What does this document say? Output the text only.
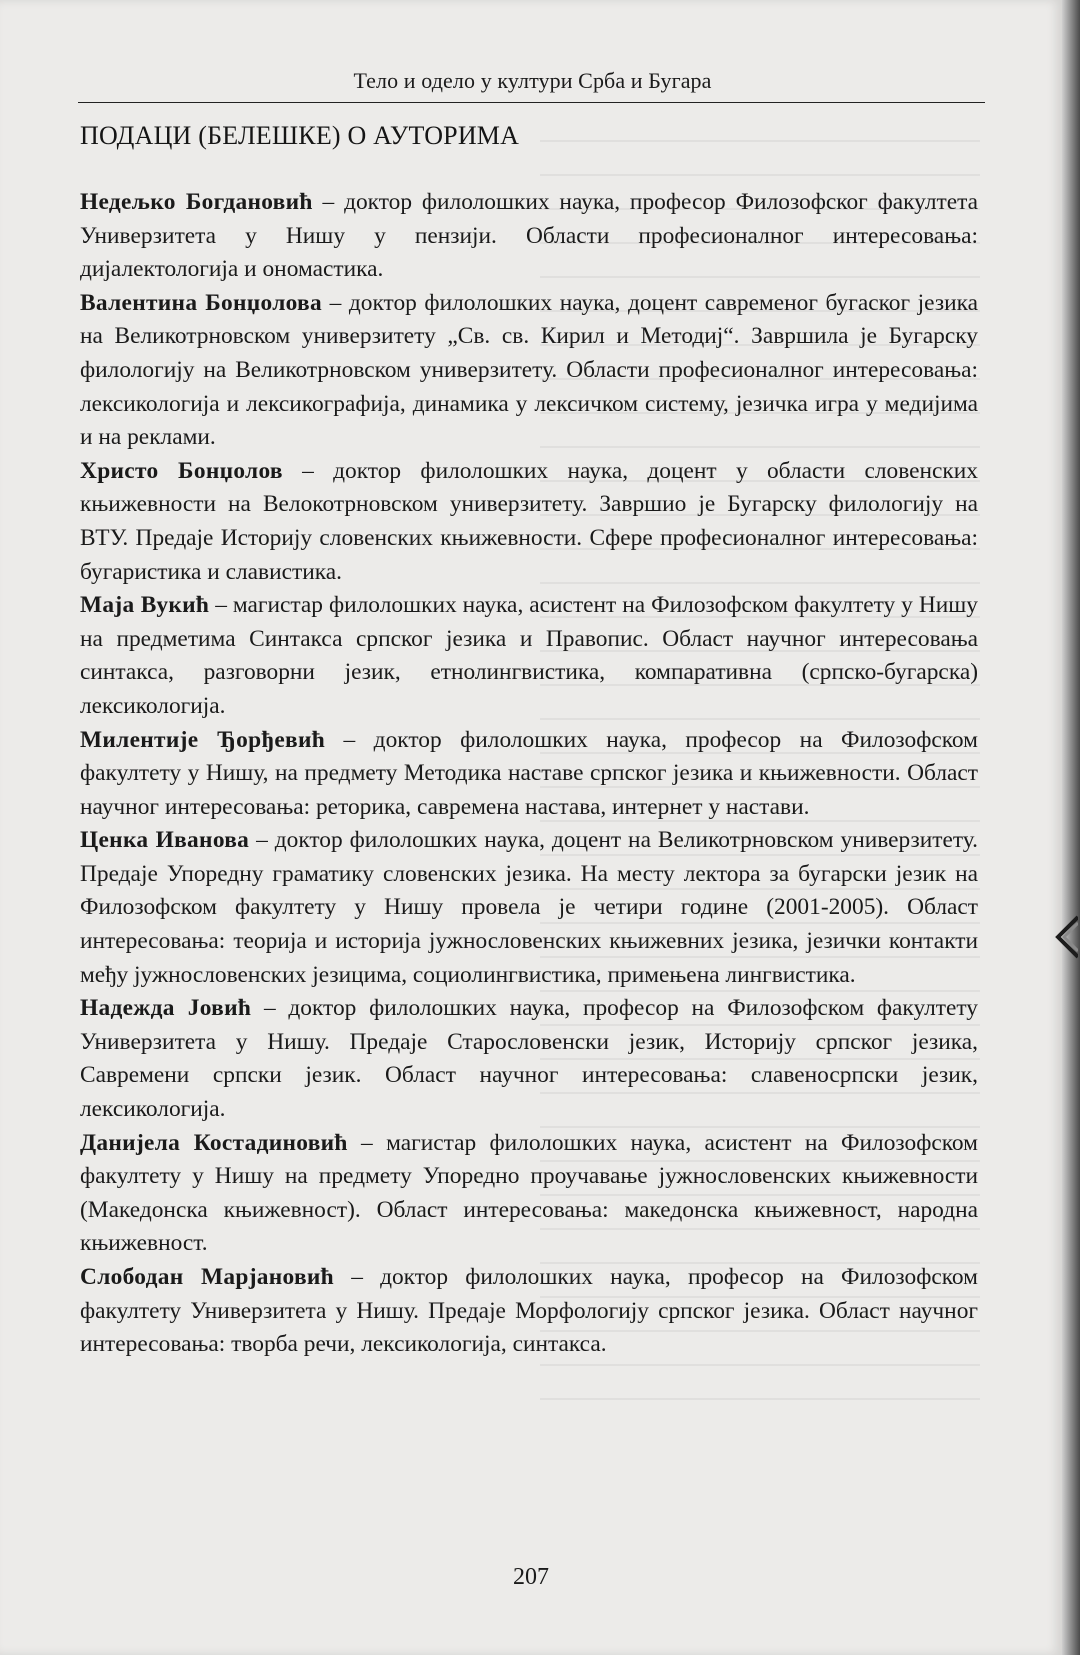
Тело и одело у култури Срба и Бугара
ПОДАЦИ (БЕЛЕШКЕ) О АУТОРИМА

Недељко Богдановић – доктор филолошких наука, професор Филозофског факултета Универзитета у Нишу у пензији. Области професионалног интересовања: дијалектологија и ономастика.

Валентина Бонџолова – доктор филолошких наука, доцент савременог бугаског језика на Великотрновском универзитету „Св. св. Кирил и Методиј“. Завршила је Бугарску филологију на Великотрновском универзитету. Области професионалног интересовања: лексикологија и лексикографија, динамика у лексичком систему, језичка игра у медијима и на реклами.

Христо Бонџолов – доктор филолошких наука, доцент у области словенских књижевности на Велокотрновском универзитету. Завршио је Бугарску филологију на ВТУ. Предаје Историју словенских књижевности. Сфере професионалног интересовања: бугаристика и славистика.

Маја Вукић – магистар филолошких наука, асистент на Филозофском факултету у Нишу на предметима Синтакса српског језика и Правопис. Област научног интересовања синтакса, разговорни језик, етнолингвистика, компаративна (српско-бугарска) лексикологија.

Милентије Ђорђевић – доктор филолошких наука, професор на Филозофском факултету у Нишу, на предмету Методика наставе српског језика и књижевности. Област научног интересовања: реторика, савремена настава, интернет у настави.

Ценка Иванова – доктор филолошких наука, доцент на Великотрновском универзитету. Предаје Упоредну граматику словенских језика. На месту лектора за бугарски језик на Филозофском факултету у Нишу провела је четири године (2001-2005). Област интересовања: теорија и историја јужнословенских књижевних језика, језички контакти међу јужнословенских језицима, социолингвистика, примењена лингвистика.

Надежда Јовић – доктор филолошких наука, професор на Филозофском факултету Универзитета у Нишу. Предаје Старословенски језик, Историју српског језика, Савремени српски језик. Област научног интересовања: славеносрпски језик, лексикологија.

Данијела Костадиновић – магистар филолошких наука, асистент на Филозофском факултету у Нишу на предмету Упоредно проучавање јужнословенских књижевности (Македонска књижевност). Област интересовања: македонска књижевност, народна књижевност.

Слободан Марјановић – доктор филолошких наука, професор на Филозофском факултету Универзитета у Нишу. Предаје Морфологију српског језика. Област научног интересовања: творба речи, лексикологија, синтакса.

207
